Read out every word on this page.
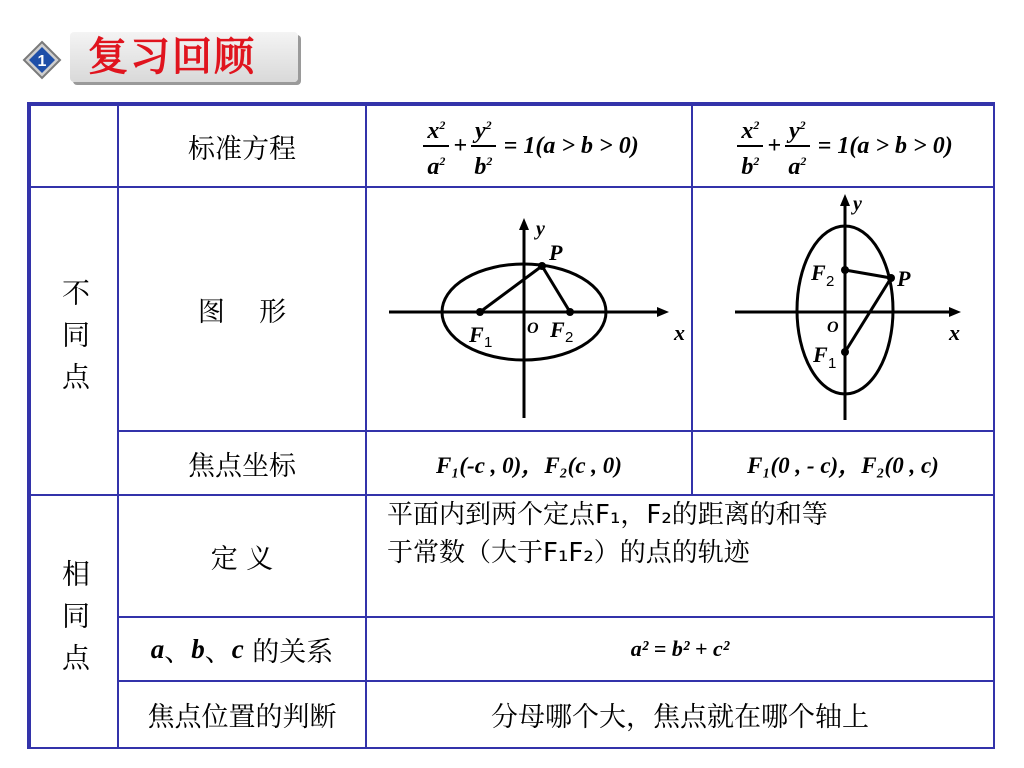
1 复习回顾
不同点
相同点
标准方程
图    形
焦点坐标
定 义
a 、 b 、 c
的关系
焦点位置的判断
$\frac{x^2}{a^2} + \frac{y^2}{b^2} = 1$ (a > b > 0)	$\frac{x^2}{b^2} + \frac{y^2}{a^2} = 1$ (a > b > 0)
y
x
O
P
F 1
F 2
y
x
O
P
F 2
F 1
F₁(-c , 0)，F₂(c , 0)	F₁(0 , - c)，F₂(0 , c)
平面内到两个定点F₁，F₂的距离的和等
于常数（大于F₁F₂）的点的轨迹
a² = b² + c²
分母哪个大，焦点就在哪个轴上
